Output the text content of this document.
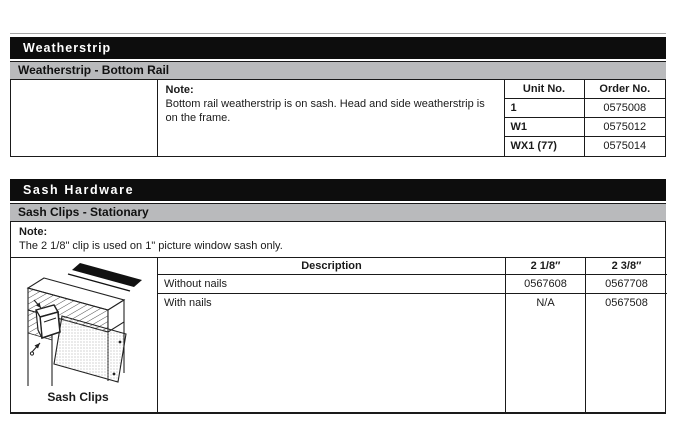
Weatherstrip
Weatherstrip - Bottom Rail
Note:
Bottom rail weatherstrip is on sash. Head and side weatherstrip is on the frame.
Unit No.	Order No.
1	0575008
W1	0575012
WX1 (77)	0575014
Sash Hardware
Sash Clips - Stationary
Note:
The 2 1/8" clip is used on 1" picture window sash only.
Sash Clips
Description	2 1/8″	2 3/8″
Without nails	0567608	0567708
With nails	N/A	0567508
